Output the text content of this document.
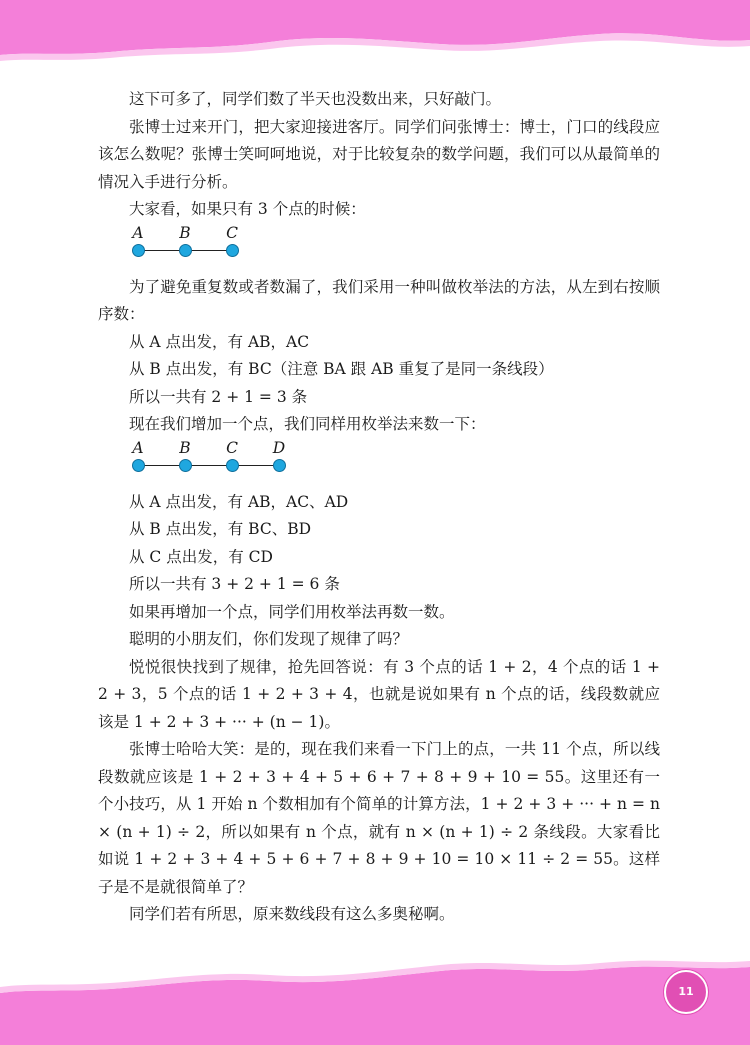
这下可多了，同学们数了半天也没数出来，只好敲门。

张博士过来开门，把大家迎接进客厅。同学们问张博士：博士，门口的线段应该怎么数呢？张博士笑呵呵地说，对于比较复杂的数学问题，我们可以从最简单的情况入手进行分析。

大家看，如果只有 3 个点的时候：

A B C

为了避免重复数或者数漏了，我们采用一种叫做枚举法的方法，从左到右按顺序数：

从 A 点出发，有 AB，AC

从 B 点出发，有 BC（注意 BA 跟 AB 重复了是同一条线段）

所以一共有 2 + 1 = 3 条

现在我们增加一个点，我们同样用枚举法来数一下：

A B C D

从 A 点出发，有 AB，AC、AD

从 B 点出发，有 BC、BD

从 C 点出发，有 CD

所以一共有 3 + 2 + 1 = 6 条

如果再增加一个点，同学们用枚举法再数一数。

聪明的小朋友们，你们发现了规律了吗？

悦悦很快找到了规律，抢先回答说：有 3 个点的话 1 + 2，4 个点的话 1 + 2 + 3，5 个点的话 1 + 2 + 3 + 4，也就是说如果有 n 个点的话，线段数就应该是 1 + 2 + 3 + ··· + (n − 1)。

张博士哈哈大笑：是的，现在我们来看一下门上的点，一共 11 个点，所以线段数就应该是 1 + 2 + 3 + 4 + 5 + 6 + 7 + 8 + 9 + 10 = 55。这里还有一个小技巧，从 1 开始 n 个数相加有个简单的计算方法，1 + 2 + 3 + ··· + n = n × (n + 1) ÷ 2，所以如果有 n 个点，就有 n × (n + 1) ÷ 2 条线段。大家看比如说 1 + 2 + 3 + 4 + 5 + 6 + 7 + 8 + 9 + 10 = 10 × 11 ÷ 2 = 55。这样子是不是就很简单了？

同学们若有所思，原来数线段有这么多奥秘啊。

11
